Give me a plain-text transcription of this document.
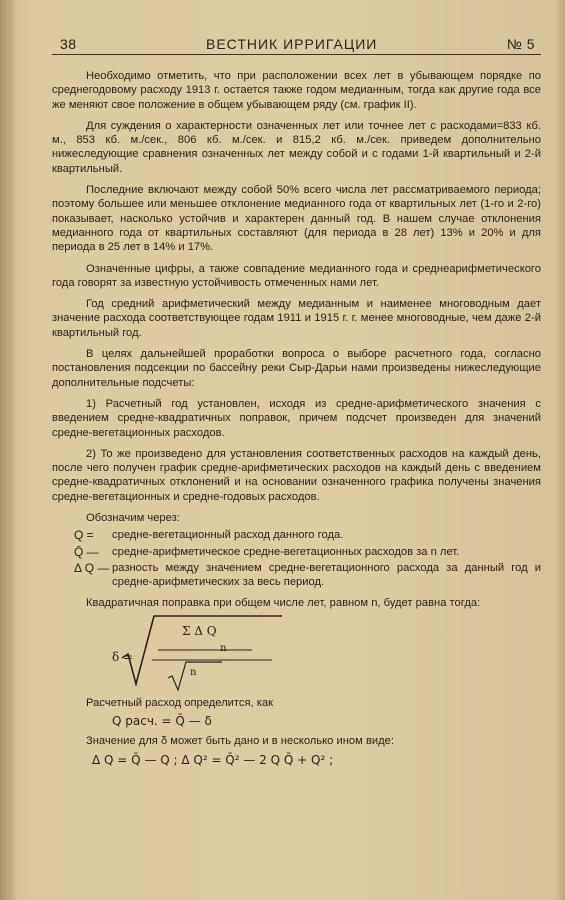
38	ВЕСТНИК ИРРИГАЦИИ	№ 5

Необходимо отметить, что при расположении всех лет в убывающем порядке по среднегодовому расходу 1913 г. остается также годом медианным, тогда как другие года все же меняют свое положение в общем убывающем ряду (см. график II).

Для суждения о характерности означенных лет или точнее лет с расходами=833 кб. м., 853 кб. м./сек., 806 кб. м./сек. и 815,2 кб. м./сек. приведем дополнительно нижеследующие сравнения означенных лет между собой и с годами 1-й квартильный и 2-й квартильный.

Последние включают между собой 50% всего числа лет рассматриваемого периода; поэтому большее или меньшее отклонение медианного года от квартильных лет (1-го и 2-го) показывает, насколько устойчив и характерен данный год. В нашем случае отклонения медианного года от квартильных составляют (для периода в 28 лет) 13% и 20% и для периода в 25 лет в 14% и 17%.

Означенные цифры, а также совпадение медианного года и среднеарифметического года говорят за известную устойчивость отмеченных нами лет.

Год средний арифметический между медианным и наименее многоводным дает значение расхода соответствующее годам 1911 и 1915 г. г. менее многоводные, чем даже 2-й квартильный год.

В целях дальнейшей проработки вопроса о выборе расчетного года, согласно постановления подсекции по бассейну реки Сыр-Дарьи нами произведены нижеследующие дополнительные подсчеты:

1) Расчетный год установлен, исходя из средне-арифметического значения с введением средне-квадратичных поправок, причем подсчет произведен для значений средне-вегетационных расходов.

2) То же произведено для установления соответственных расходов на каждый день, после чего получен график средне-арифметических расходов на каждый день с введением средне-квадратичных отклонений и на основании означенного графика получены значения средне-вегетационных и средне-годовых расходов.

Обозначим через:

Q =	средне-вегетационный расход данного года.
Q̄ —	средне-арифметическое средне-вегетационных расходов за n лет.
Δ Q — разность между значением средне-вегетационного расхода за данный год и средне-арифметических за весь период.

Квадратичная поправка при общем числе лет, равном n, будет равна тогда:

δ =
Σ Δ Q
n
n

Расчетный расход определится, как

Q расч. = Q̄ — δ

Значение для δ может быть дано и в несколько ином виде:

Δ Q = Q̄ — Q ; Δ Q² = Q̄² — 2 Q Q̄ + Q² ;
